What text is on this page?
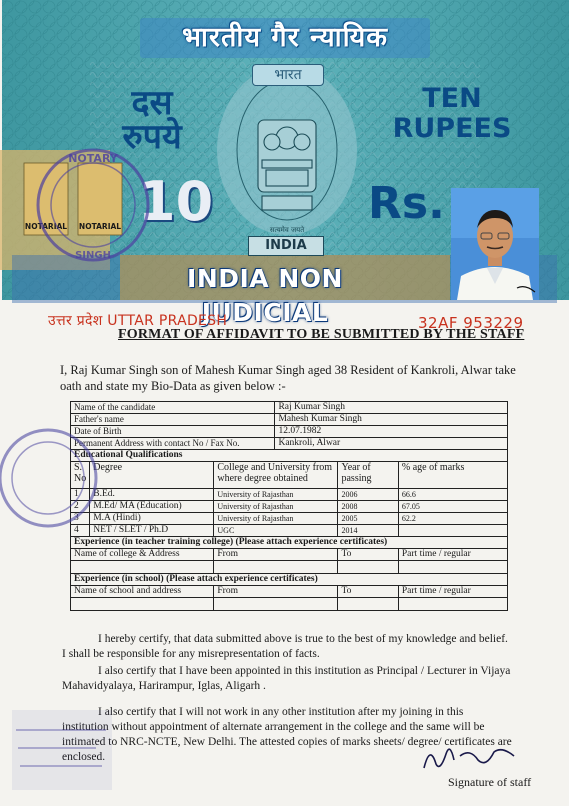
सत्यमेव जयते
भारतीय गैर न्यायिक
भारत
दस
रुपये
TEN
RUPEES
10	Rs.
INDIA
INDIA NON JUDICIAL
NOTARIAL NOTARIAL
NOTARY
SINGH
उत्तर प्रदेश UTTAR PRADESH	32AF 953229
FORMAT OF AFFIDAVIT TO BE SUBMITTED BY THE STAFF
I, Raj Kumar Singh son of Mahesh Kumar Singh aged 38 Resident of Kankroli, Alwar take oath and state my Bio-Data as given below :-
Name of the candidate			Raj Kumar Singh		
Father's name			Mahesh Kumar Singh		
Date of Birth			12.07.1982		
Permanent Address with contact No / Fax No.			Kankroli, Alwar		
Educational Qualifications					
S. No	Degree	College and University from where degree obtained		Year of passing	% age of marks
1	B.Ed.	University of Rajasthan		2006	66.6
2	M.Ed/ MA (Education)	University of Rajasthan		2008	67.05
3	M.A (Hindi)	University of Rajasthan		2005	62.2
4	NET / SLET / Ph.D	UGC		2014	
Experience (in teacher training college) (Please attach experience certificates)					
Name of college & Address		From		To	Part time / regular

Experience (in school) (Please attach experience certificates)					
Name of school and address		From		To	Part time / regular

I hereby certify, that data submitted above is true to the best of my knowledge and belief. I shall be responsible for any misrepresentation of facts.
I also certify that I have been appointed in this institution as Principal / Lecturer in Vijaya Mahavidyalaya, Harirampur, Iglas, Aligarh .
I also certify that I will not work in any other institution after my joining in this institution without appointment of alternate arrangement in the college and the same will be intimated to NRC-NCTE, New Delhi. The attested copies of marks sheets/ degree/ certificates are enclosed.
Signature of staff
